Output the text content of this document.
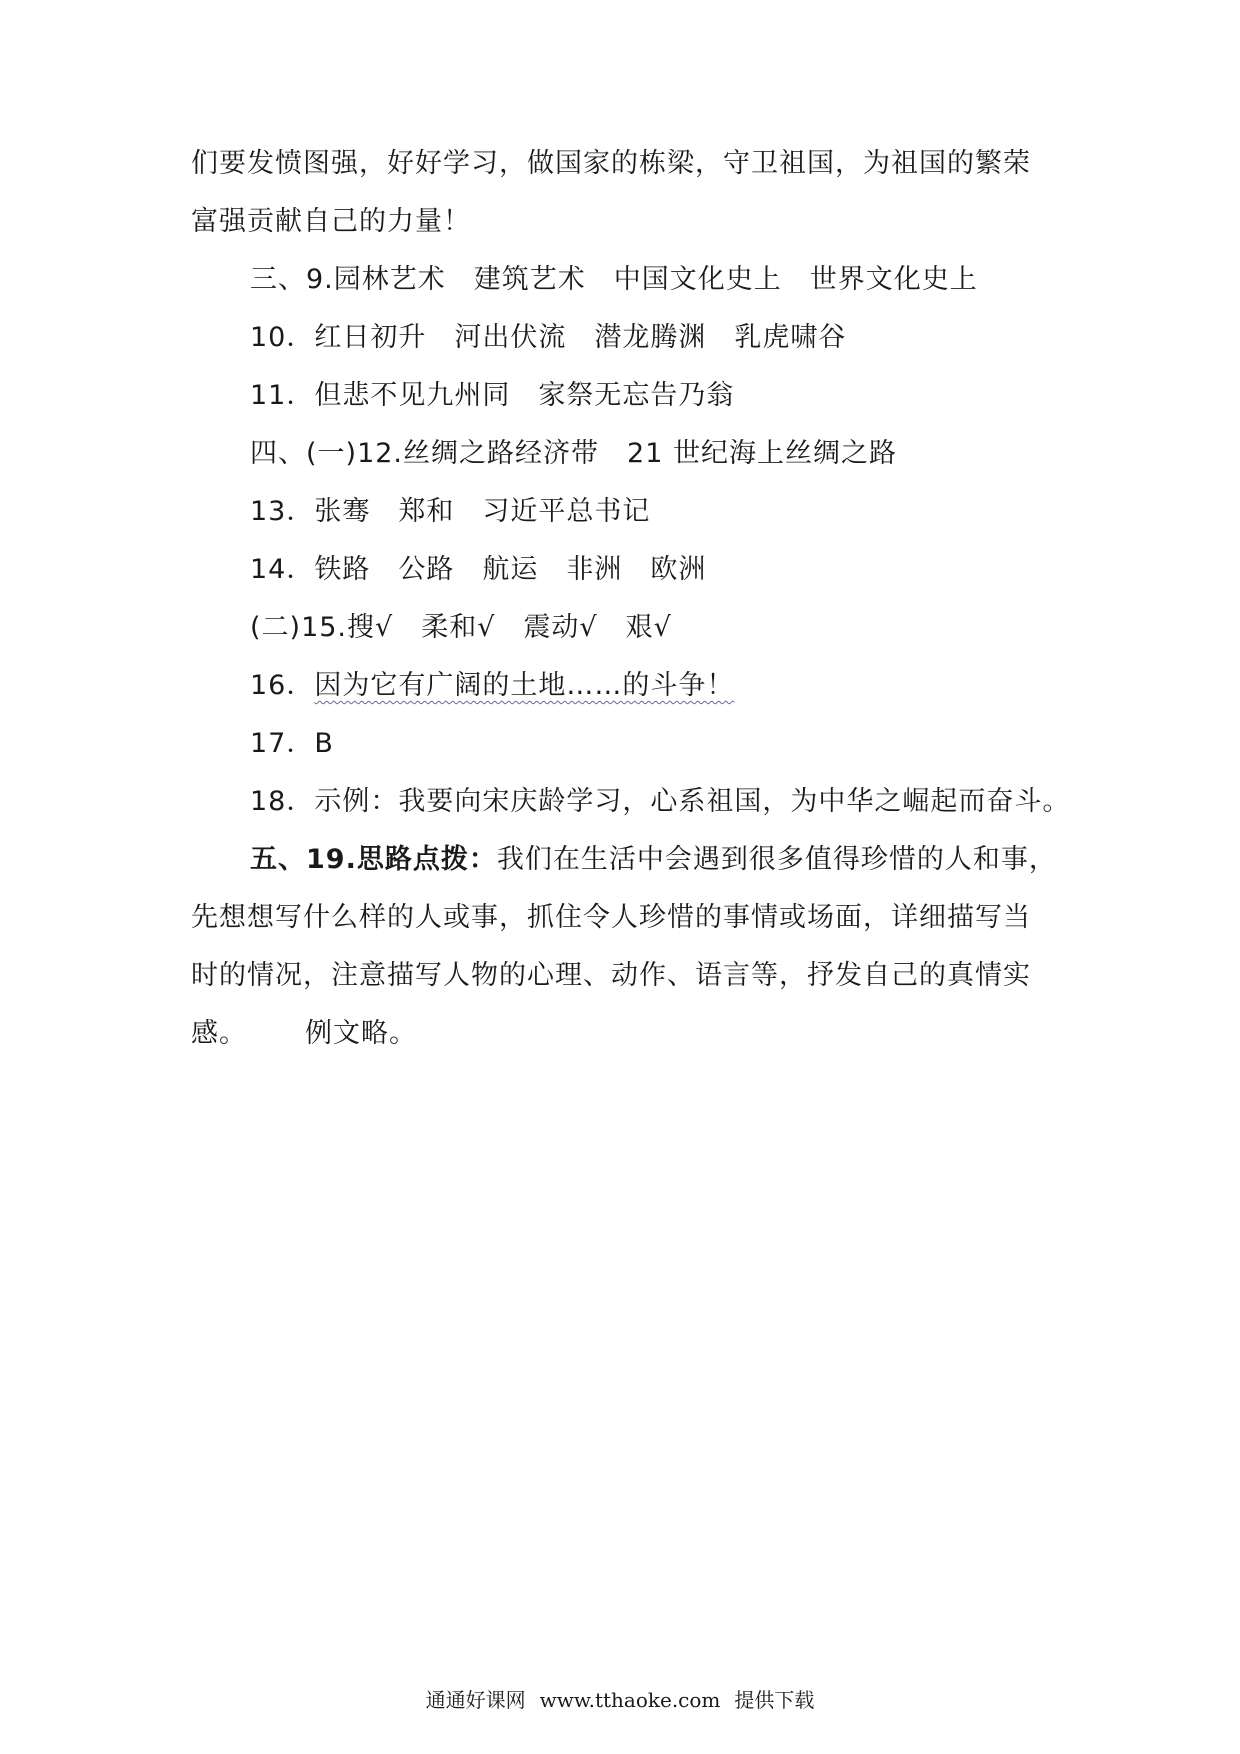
们要发愤图强，好好学习，做国家的栋梁，守卫祖国，为祖国的繁荣
富强贡献自己的力量！
三、9.园林艺术 建筑艺术 中国文化史上 世界文化史上
10．红日初升 河出伏流 潜龙腾渊 乳虎啸谷
11．但悲不见九州同 家祭无忘告乃翁
四、(一)12.丝绸之路经济带 21 世纪海上丝绸之路
13．张骞 郑和 习近平总书记
14．铁路 公路 航运 非洲 欧洲
(二)15.搜√ 柔和√ 震动√ 艰√
16．因为它有广阔的土地……的斗争！
17．B
18．示例：我要向宋庆龄学习，心系祖国，为中华之崛起而奋斗。
五、19.思路点拨：我们在生活中会遇到很多值得珍惜的人和事，
先想想写什么样的人或事，抓住令人珍惜的事情或场面，详细描写当
时的情况，注意描写人物的心理、动作、语言等，抒发自己的真情实
感。 例文略。
通通好课网 www.tthaoke.com 提供下载
